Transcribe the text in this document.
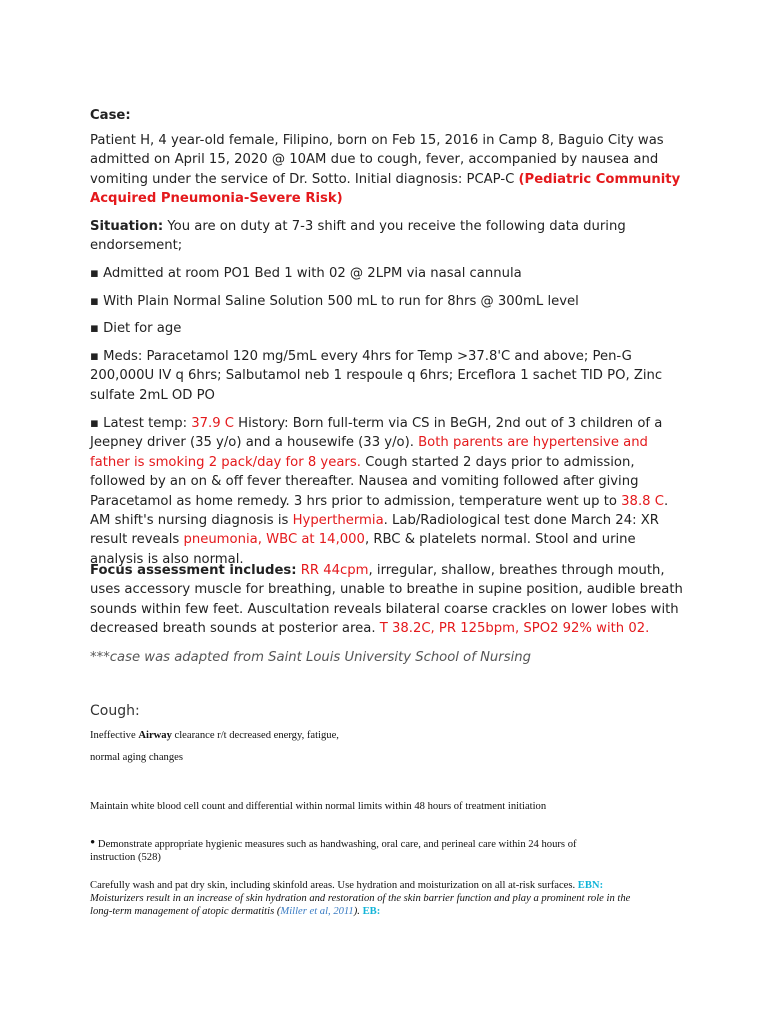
Case:

Patient H, 4 year-old female, Filipino, born on Feb 15, 2016 in Camp 8, Baguio City was admitted on April 15, 2020 @ 10AM due to cough, fever, accompanied by nausea and vomiting under the service of Dr. Sotto. Initial diagnosis: PCAP-C (Pediatric Community Acquired Pneumonia-Severe Risk)

Situation: You are on duty at 7-3 shift and you receive the following data during endorsement;

▪ Admitted at room PO1 Bed 1 with 02 @ 2LPM via nasal cannula

▪ With Plain Normal Saline Solution 500 mL to run for 8hrs @ 300mL level

▪ Diet for age

▪ Meds: Paracetamol 120 mg/5mL every 4hrs for Temp >37.8'C and above; Pen-G 200,000U IV q 6hrs; Salbutamol neb 1 respoule q 6hrs; Erceflora 1 sachet TID PO, Zinc sulfate 2mL OD PO

▪ Latest temp: 37.9 C History: Born full-term via CS in BeGH, 2nd out of 3 children of a Jeepney driver (35 y/o) and a housewife (33 y/o). Both parents are hypertensive and father is smoking 2 pack/day for 8 years. Cough started 2 days prior to admission, followed by an on & off fever thereafter. Nausea and vomiting followed after giving Paracetamol as home remedy. 3 hrs prior to admission, temperature went up to 38.8 C. AM shift's nursing diagnosis is Hyperthermia. Lab/Radiological test done March 24: XR result reveals pneumonia, WBC at 14,000, RBC & platelets normal. Stool and urine analysis is also normal.

Focus assessment includes: RR 44cpm, irregular, shallow, breathes through mouth, uses accessory muscle for breathing, unable to breathe in supine position, audible breath sounds within few feet. Auscultation reveals bilateral coarse crackles on lower lobes with decreased breath sounds at posterior area. T 38.2C, PR 125bpm, SPO2 92% with 02.

***case was adapted from Saint Louis University School of Nursing

Cough:

Ineffective Airway clearance r/t decreased energy, fatigue,

normal aging changes

Maintain white blood cell count and differential within normal limits within 48 hours of treatment initiation

• Demonstrate appropriate hygienic measures such as handwashing, oral care, and perineal care within 24 hours of instruction (528)

Carefully wash and pat dry skin, including skinfold areas. Use hydration and moisturization on all at-risk surfaces. EBN: Moisturizers result in an increase of skin hydration and restoration of the skin barrier function and play a prominent role in the long-term management of atopic dermatitis (Miller et al, 2011). EB:
